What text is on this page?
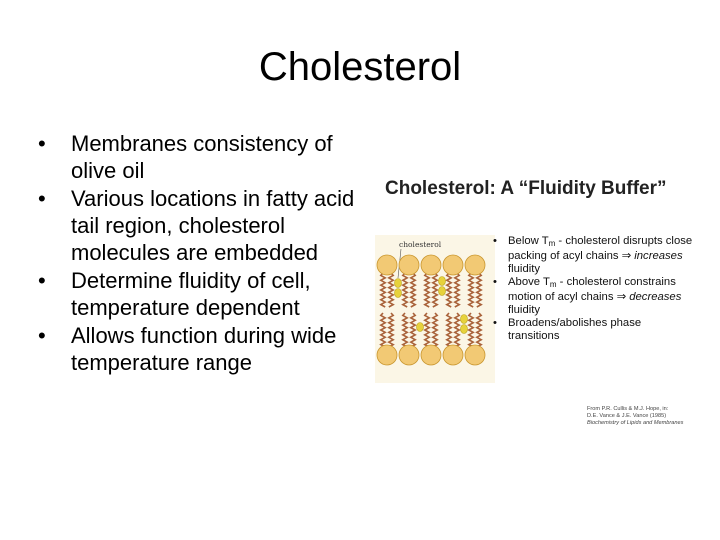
Cholesterol
• Membranes consistency of olive oil
• Various locations in fatty acid tail region, cholesterol molecules are embedded
• Determine fluidity of cell, temperature dependent
• Allows function during wide temperature range
Cholesterol: A “Fluidity Buffer”
cholesterol	• Below $T_m$ - cholesterol disrupts close packing of acyl chains ⇒ increases fluidity
• Above $T_m$ - cholesterol constrains motion of acyl chains ⇒ decreases fluidity
• Broadens/abolishes phase transitions
From P.R. Cullis & M.J. Hope, in:
D.E. Vance & J.E. Vance (1985)
Biochemistry of Lipids and Membranes
